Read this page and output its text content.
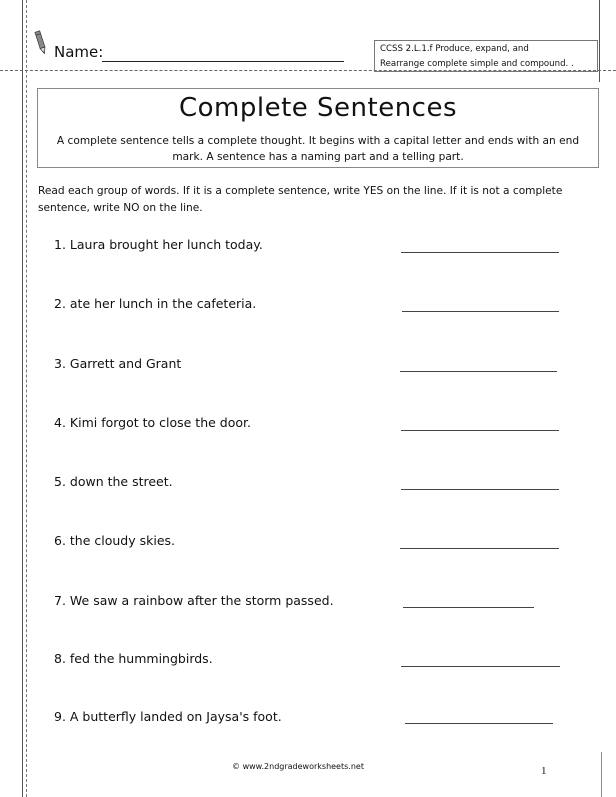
Name:	CCSS 2.L.1.f Produce, expand, and
Rearrange complete simple and compound. .
Complete Sentences
A complete sentence tells a complete thought. It begins with a capital letter and ends with an end mark. A sentence has a naming part and a telling part.
Read each group of words. If it is a complete sentence, write YES on the line. If it is not a complete sentence, write NO on the line.
1. Laura brought her lunch today.
2. ate her lunch in the cafeteria.
3. Garrett and Grant
4. Kimi forgot to close the door.
5. down the street.
6. the cloudy skies.
7. We saw a rainbow after the storm passed.
8. fed the hummingbirds.
9. A butterfly landed on Jaysa's foot.
© www.2ndgradeworksheets.net	1
